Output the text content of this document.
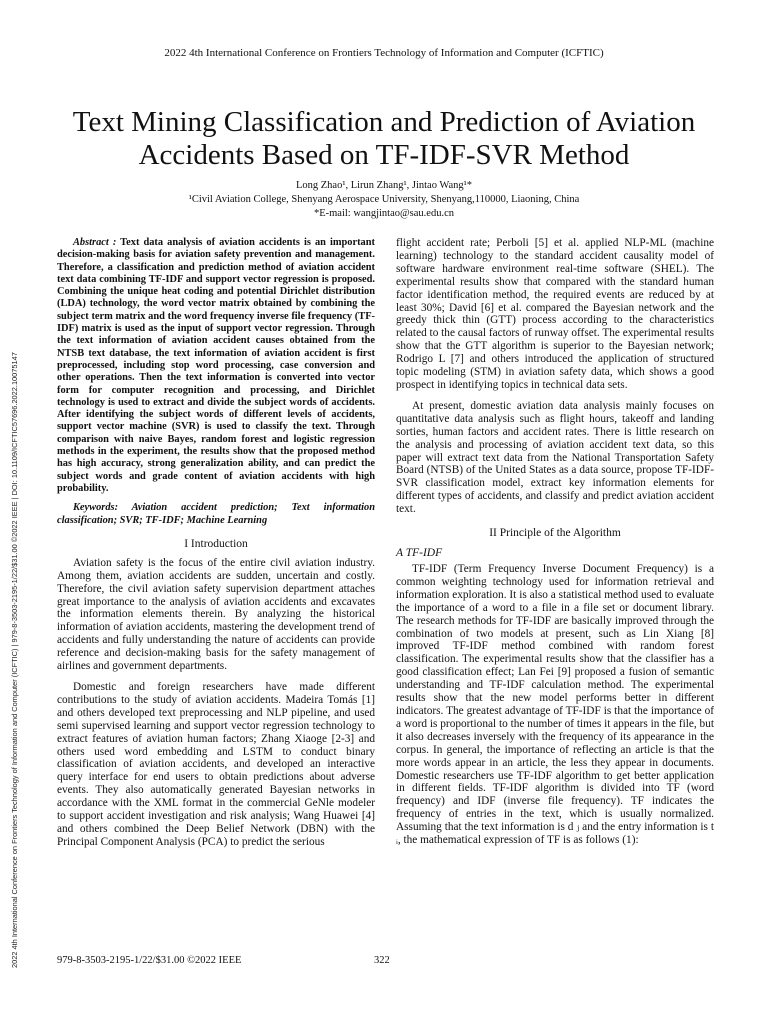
2022 4th International Conference on Frontiers Technology of Information and Computer (ICFTIC)
Text Mining Classification and Prediction of Aviation Accidents Based on TF-IDF-SVR Method
Long Zhao¹, Lirun Zhang¹, Jintao Wang¹*
¹Civil Aviation College, Shenyang Aerospace University, Shenyang,110000, Liaoning, China
*E-mail: wangjintao@sau.edu.cn
2022 4th International Conference on Frontiers Technology of Information and Computer (ICFTIC) | 979-8-3503-2195-1/22/$31.00 ©2022 IEEE | DOI: 10.1109/ICFTIC57696.2022.10075147

Abstract : Text data analysis of aviation accidents is an important decision-making basis for aviation safety prevention and management. Therefore, a classification and prediction method of aviation accident text data combining TF-IDF and support vector regression is proposed. Combining the unique heat coding and potential Dirichlet distribution (LDA) technology, the word vector matrix obtained by combining the subject term matrix and the word frequency inverse file frequency (TF-IDF) matrix is used as the input of support vector regression. Through the text information of aviation accident causes obtained from the NTSB text database, the text information of aviation accident is first preprocessed, including stop word processing, case conversion and other operations. Then the text information is converted into vector form for computer recognition and processing, and Dirichlet technology is used to extract and divide the subject words of accidents. After identifying the subject words of different levels of accidents, support vector machine (SVR) is used to classify the text. Through comparison with naive Bayes, random forest and logistic regression methods in the experiment, the results show that the proposed method has high accuracy, strong generalization ability, and can predict the subject words and grade content of aviation accidents with high probability.

Keywords: Aviation accident prediction; Text information classification; SVR; TF-IDF; Machine Learning

I Introduction

Aviation safety is the focus of the entire civil aviation industry. Among them, aviation accidents are sudden, uncertain and costly. Therefore, the civil aviation safety supervision department attaches great importance to the analysis of aviation accidents and excavates the information elements therein. By analyzing the historical information of aviation accidents, mastering the development trend of accidents and fully understanding the nature of accidents can provide reference and decision-making basis for the safety management of airlines and government departments.

Domestic and foreign researchers have made different contributions to the study of aviation accidents. Madeira Tomás [1] and others developed text preprocessing and NLP pipeline, and used semi supervised learning and support vector regression technology to extract features of aviation human factors; Zhang Xiaoge [2-3] and others used word embedding and LSTM to conduct binary classification of aviation accidents, and developed an interactive query interface for end users to obtain predictions about adverse events. They also automatically generated Bayesian networks in accordance with the XML format in the commercial GeNle modeler to support accident investigation and risk analysis; Wang Huawei [4] and others combined the Deep Belief Network (DBN) with the Principal Component Analysis (PCA) to predict the serious

flight accident rate; Perboli [5] et al. applied NLP-ML (machine learning) technology to the standard accident causality model of software hardware environment real-time software (SHEL). The experimental results show that compared with the standard human factor identification method, the required events are reduced by at least 30%; David [6] et al. compared the Bayesian network and the greedy thick thin (GTT) process according to the characteristics related to the causal factors of runway offset. The experimental results show that the GTT algorithm is superior to the Bayesian network; Rodrigo L [7] and others introduced the application of structured topic modeling (STM) in aviation safety data, which shows a good prospect in identifying topics in technical data sets.

At present, domestic aviation data analysis mainly focuses on quantitative data analysis such as flight hours, takeoff and landing sorties, human factors and accident rates. There is little research on the analysis and processing of aviation accident text data, so this paper will extract text data from the National Transportation Safety Board (NTSB) of the United States as a data source, propose TF-IDF-SVR classification model, extract key information elements for different types of accidents, and classify and predict aviation accident text.

II Principle of the Algorithm
A TF-IDF

TF-IDF (Term Frequency Inverse Document Frequency) is a common weighting technology used for information retrieval and information exploration. It is also a statistical method used to evaluate the importance of a word to a file in a file set or document library. The research methods for TF-IDF are basically improved through the combination of two models at present, such as Lin Xiang [8] improved TF-IDF method combined with random forest classification. The experimental results show that the classifier has a good classification effect; Lan Fei [9] proposed a fusion of semantic understanding and TF-IDF calculation method. The experimental results show that the new model performs better in different indicators. The greatest advantage of TF-IDF is that the importance of a word is proportional to the number of times it appears in the file, but it also decreases inversely with the frequency of its appearance in the corpus. In general, the importance of reflecting an article is that the more words appear in an article, the less they appear in documents. Domestic researchers use TF-IDF algorithm to get better application in different fields. TF-IDF algorithm is divided into TF (word frequency) and IDF (inverse file frequency). TF indicates the frequency of entries in the text, which is usually normalized. Assuming that the text information is d ⱼ and the entry information is t ᵢ, the mathematical expression of TF is as follows (1):

979-8-3503-2195-1/22/$31.00 ©2022 IEEE	322
